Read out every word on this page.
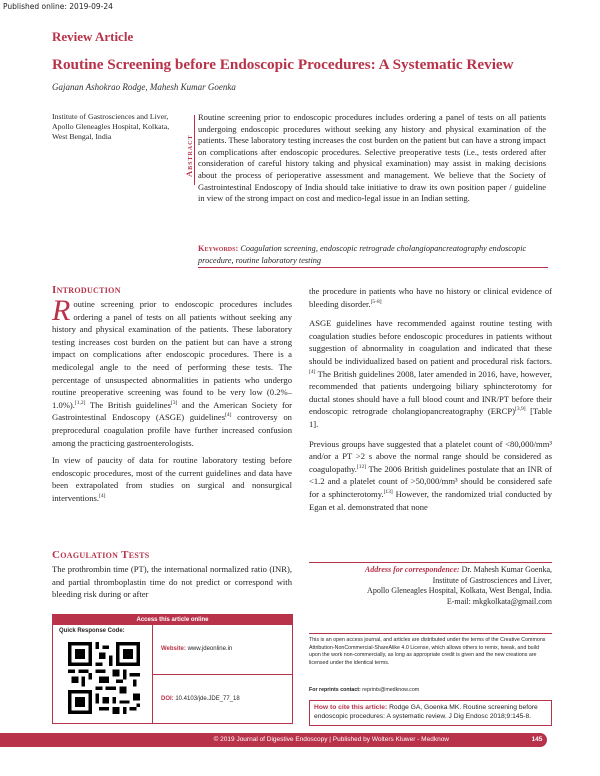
Published online: 2019-09-24
Review Article
Routine Screening before Endoscopic Procedures: A Systematic Review
Gajanan Ashokrao Rodge, Mahesh Kumar Goenka
Institute of Gastrosciences and Liver, Apollo Gleneagles Hospital, Kolkata, West Bengal, India	Abstract
Routine screening prior to endoscopic procedures includes ordering a panel of tests on all patients undergoing endoscopic procedures without seeking any history and physical examination of the patients. These laboratory testing increases the cost burden on the patient but can have a strong impact on complications after endoscopic procedures. Selective preoperative tests (i.e., tests ordered after consideration of careful history taking and physical examination) may assist in making decisions about the process of perioperative assessment and management. We believe that the Society of Gastrointestinal Endoscopy of India should take initiative to draw its own position paper / guideline in view of the strong impact on cost and medico-legal issue in an Indian setting.
Keywords: Coagulation screening, endoscopic retrograde cholangiopancreatography endoscopic procedure, routine laboratory testing
Introduction

Routine screening prior to endoscopic procedures includes ordering a panel of tests on all patients without seeking any history and physical examination of the patients. These laboratory testing increases cost burden on the patient but can have a strong impact on complications after endoscopic procedures. There is a medicolegal angle to the need of performing these tests. The percentage of unsuspected abnormalities in patients who undergo routine preoperative screening was found to be very low (0.2%–1.0%).[1,2] The British guidelines[3] and the American Society for Gastrointestinal Endoscopy (ASGE) guidelines[4] controversy on preprocedural coagulation profile have further increased confusion among the practicing gastroenterologists.

In view of paucity of data for routine laboratory testing before endoscopic procedures, most of the current guidelines and data have been extrapolated from studies on surgical and nonsurgical interventions.[4]

Coagulation Tests
The prothrombin time (PT), the international normalized ratio (INR), and partial thromboplastin time do not predict or correspond with bleeding risk during or after

the procedure in patients who have no history or clinical evidence of bleeding disorder.[5-8]

ASGE guidelines have recommended against routine testing with coagulation studies before endoscopic procedures in patients without suggestion of abnormality in coagulation and indicated that these should be individualized based on patient and procedural risk factors.[4] The British guidelines 2008, later amended in 2016, have, however, recommended that patients undergoing biliary sphincterotomy for ductal stones should have a full blood count and INR/PT before their endoscopic retrograde cholangiopancreatography (ERCP)[3,9] [Table 1].

Previous groups have suggested that a platelet count of <80,000/mm³ and/or a PT >2 s above the normal range should be considered as coagulopathy.[12] The 2006 British guidelines postulate that an INR of <1.2 and a platelet count of >50,000/mm³ should be considered safe for a sphincterotomy.[13] However, the randomized trial conducted by Egan et al. demonstrated that none

Address for correspondence: Dr. Mahesh Kumar Goenka,
Institute of Gastrosciences and Liver,
Apollo Gleneagles Hospital, Kolkata, West Bengal, India.
E-mail: mkgkolkata@gmail.com
Access this article online
Quick Response Code:
Website: www.jdeonline.in
DOI: 10.4103/jde.JDE_77_18
This is an open access journal, and articles are distributed under the terms of the Creative Commons Attribution-NonCommercial-ShareAlike 4.0 License, which allows others to remix, tweak, and build upon the work non-commercially, as long as appropriate credit is given and the new creations are licensed under the identical terms.
For reprints contact: reprints@medknow.com
How to cite this article: Rodge GA, Goenka MK. Routine screening before endoscopic procedures: A systematic review. J Dig Endosc 2018;9:145-8.
© 2019 Journal of Digestive Endoscopy | Published by Wolters Kluwer - Medknow	145
